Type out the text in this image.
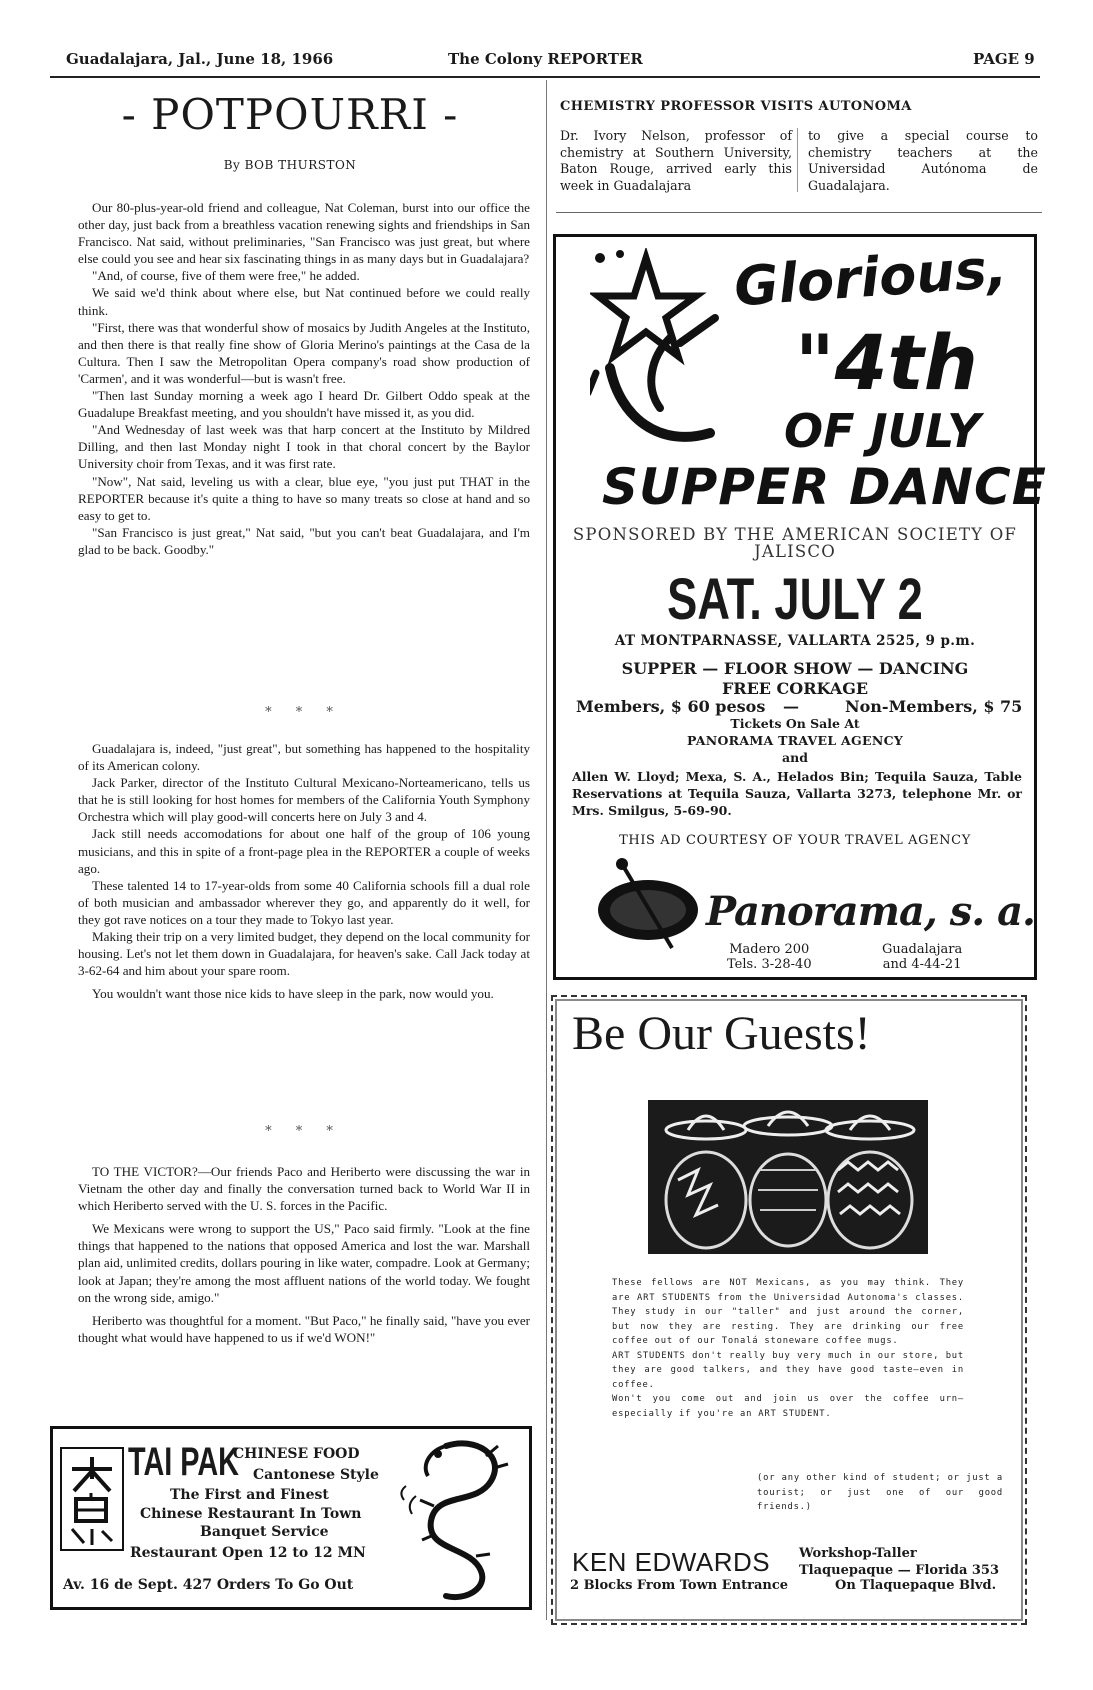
Guadalajara, Jal., June 18, 1966	The Colony REPORTER	PAGE 9
- POTPOURRI -
By BOB THURSTON

Our 80-plus-year-old friend and colleague, Nat Coleman, burst into our office the other day, just back from a breathless vacation renewing sights and friendships in San Francisco. Nat said, without preliminaries, "San Francisco was just great, but where else could you see and hear six fascinating things in as many days but in Guadalajara?

"And, of course, five of them were free," he added.

We said we'd think about where else, but Nat continued before we could really think.

"First, there was that wonderful show of mosaics by Judith Angeles at the Instituto, and then there is that really fine show of Gloria Merino's paintings at the Casa de la Cultura. Then I saw the Metropolitan Opera company's road show production of 'Carmen', and it was wonderful—but is wasn't free.

"Then last Sunday morning a week ago I heard Dr. Gilbert Oddo speak at the Guadalupe Breakfast meeting, and you shouldn't have missed it, as you did.

"And Wednesday of last week was that harp concert at the Instituto by Mildred Dilling, and then last Monday night I took in that choral concert by the Baylor University choir from Texas, and it was first rate.

"Now", Nat said, leveling us with a clear, blue eye, "you just put THAT in the REPORTER because it's quite a thing to have so many treats so close at hand and so easy to get to.

"San Francisco is just great," Nat said, "but you can't beat Guadalajara, and I'm glad to be back. Goodby."

* * *

Guadalajara is, indeed, "just great", but something has happened to the hospitality of its American colony.

Jack Parker, director of the Instituto Cultural Mexicano-Norteamericano, tells us that he is still looking for host homes for members of the California Youth Symphony Orchestra which will play good-will concerts here on July 3 and 4.

Jack still needs accomodations for about one half of the group of 106 young musicians, and this in spite of a front-page plea in the REPORTER a couple of weeks ago.

These talented 14 to 17-year-olds from some 40 California schools fill a dual role of both musician and ambassador wherever they go, and apparently do it well, for they got rave notices on a tour they made to Tokyo last year.

Making their trip on a very limited budget, they depend on the local community for housing. Let's not let them down in Guadalajara, for heaven's sake. Call Jack today at 3-62-64 and him about your spare room.

You wouldn't want those nice kids to have sleep in the park, now would you.

* * *

TO THE VICTOR?—Our friends Paco and Heriberto were discussing the war in Vietnam the other day and finally the conversation turned back to World War II in which Heriberto served with the U. S. forces in the Pacific.

We Mexicans were wrong to support the US," Paco said firmly. "Look at the fine things that happened to the nations that opposed America and lost the war. Marshall plan aid, unlimited credits, dollars pouring in like water, compadre. Look at Germany; look at Japan; they're among the most affluent nations of the world today. We fought on the wrong side, amigo."

Heriberto was thoughtful for a moment. "But Paco," he finally said, "have you ever thought what would have happened to us if we'd WON!"

CHEMISTRY PROFESSOR VISITS AUTONOMA
Dr. Ivory Nelson, professor of chemistry at Southern University, Baton Rouge, arrived early this week in Guadalajara
to give a special course to chemistry teachers at the Universidad Autónoma de Guadalajara.
Glorious,
"4th
OF JULY
SUPPER DANCE
SPONSORED BY THE AMERICAN SOCIETY OF JALISCO
SAT. JULY 2
AT MONTPARNASSE, VALLARTA 2525, 9 p.m.
SUPPER — FLOOR SHOW — DANCING
FREE CORKAGE
Members, $ 60 pesos —	Non-Members, $ 75
Tickets On Sale At
PANORAMA TRAVEL AGENCY
and
Allen W. Lloyd; Mexa, S. A., Helados Bin; Tequila Sauza, Table Reservations at Tequila Sauza, Vallarta 3273, telephone Mr. or Mrs. Smilgus, 5-69-90.
THIS AD COURTESY OF YOUR TRAVEL AGENCY
Panorama, s. a.
Madero 200
Tels. 3-28-40
Guadalajara
and 4-44-21
Be Our Guests!

These fellows are NOT Mexicans, as you may think. They are ART STUDENTS from the Universidad Autonoma's classes. They study in our "taller" and just around the corner, but now they are resting. They are drinking our free coffee out of our Tonalá stoneware coffee mugs.

ART STUDENTS don't really buy very much in our store, but they are good talkers, and they have good taste—even in coffee.

Won't you come out and join us over the coffee urn—especially if you're an ART STUDENT.

(or any other kind of student; or just a tourist; or just one of our good friends.)
KEN EDWARDS Workshop-Taller
Tlaquepaque — Florida 353
2 Blocks From Town Entrance	On Tlaquepaque Blvd.
TAI PAK
CHINESE FOOD
Cantonese Style
The First and Finest
Chinese Restaurant In Town
Banquet Service
Restaurant Open 12 to 12 MN
Av. 16 de Sept. 427 Orders To Go Out
